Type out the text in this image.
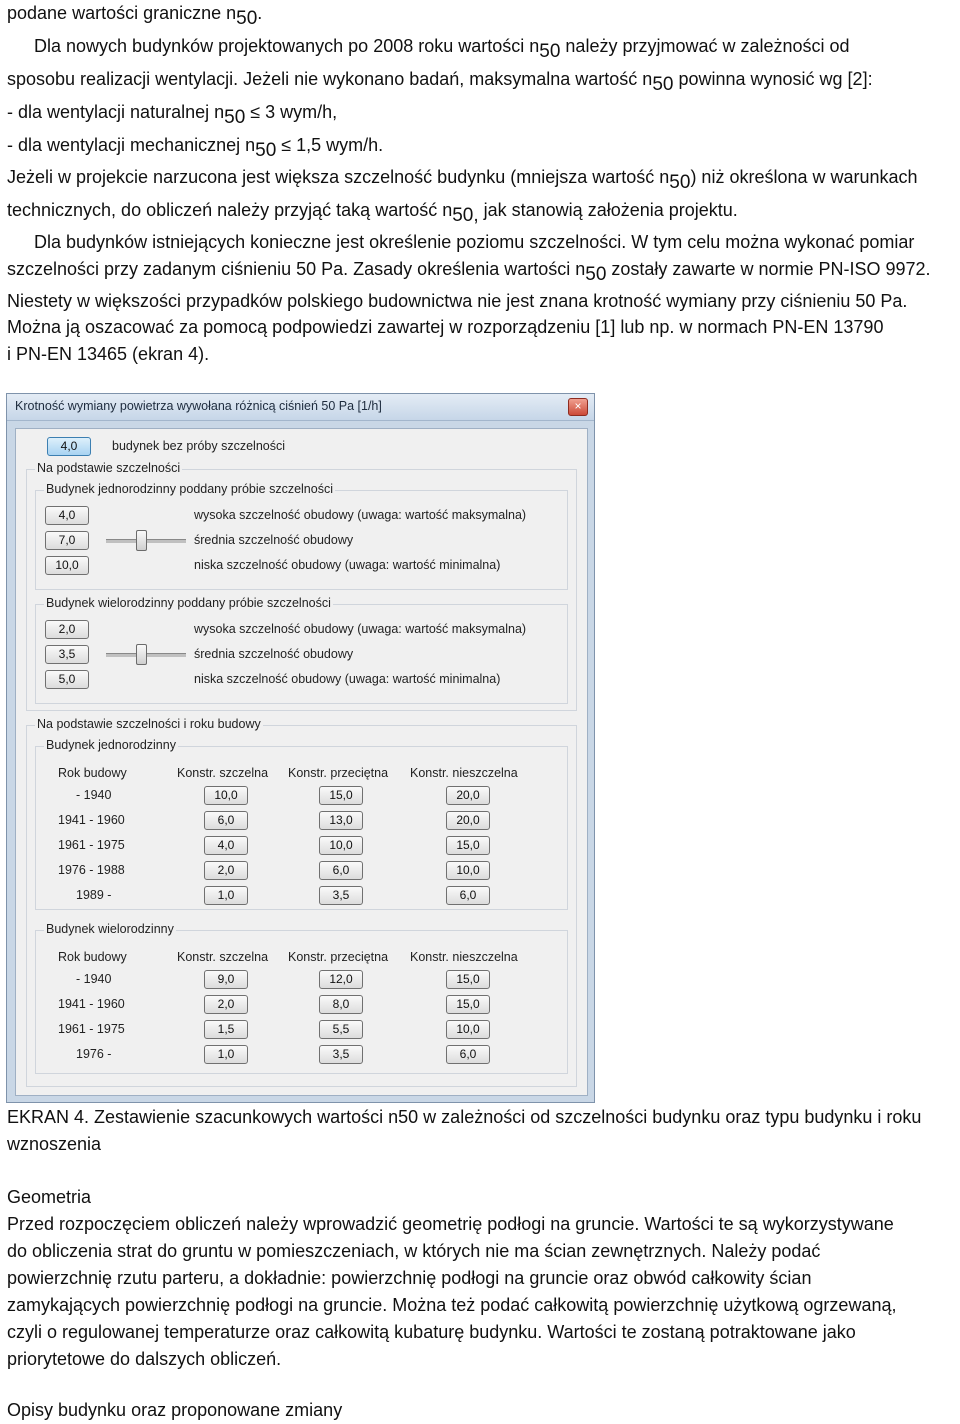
podane wartości graniczne $n_{50}$.
Dla nowych budynków projektowanych po 2008 roku wartości $n_{50}$ należy przyjmować w zależności od
sposobu realizacji wentylacji. Jeżeli nie wykonano badań, maksymalna wartość $n_{50}$ powinna wynosić wg [2]:
- dla wentylacji naturalnej $n_{50} \le 3$ wym/h,
- dla wentylacji mechanicznej $n_{50} \le 1,5$ wym/h.
Jeżeli w projekcie narzucona jest większa szczelność budynku (mniejsza wartość $n_{50}$) niż określona w warunkach
technicznych, do obliczeń należy przyjąć taką wartość $n_{50,}$ jak stanowią założenia projektu.
Dla budynków istniejących konieczne jest określenie poziomu szczelności. W tym celu można wykonać pomiar
szczelności przy zadanym ciśnieniu 50 Pa. Zasady określenia wartości $n_{50}$ zostały zawarte w normie PN-ISO 9972.
Niestety w większości przypadków polskiego budownictwa nie jest znana krotność wymiany przy ciśnieniu 50 Pa.
Można ją oszacować za pomocą podpowiedzi zawartej w rozporządzeniu [1] lub np. w normach PN-EN 13790
i PN-EN 13465 (ekran 4).
Krotność wymiany powietrza wywołana różnicą ciśnień 50 Pa [1/h]	×
4,0	budynek bez próby szczelności
Na podstawie szczelności
Budynek jednorodzinny poddany próbie szczelności
4,0	wysoka szczelność obudowy (uwaga: wartość maksymalna)
7,0	średnia szczelność obudowy
10,0	niska szczelność obudowy (uwaga: wartość minimalna)
Budynek wielorodzinny poddany próbie szczelności
2,0	wysoka szczelność obudowy (uwaga: wartość maksymalna)
3,5	średnia szczelność obudowy
5,0	niska szczelność obudowy (uwaga: wartość minimalna)
Na podstawie szczelności i roku budowy
Budynek jednorodzinny
Rok budowy	Konstr. szczelna Konstr. przeciętna Konstr. nieszczelna
- 1940	10,0	15,0	20,0
1941 - 1960	6,0	13,0	20,0
1961 - 1975	4,0	10,0	15,0
1976 - 1988	2,0	6,0	10,0
1989 -	1,0	3,5	6,0
Budynek wielorodzinny
Rok budowy	Konstr. szczelna Konstr. przeciętna Konstr. nieszczelna
- 1940	9,0	12,0	15,0
1941 - 1960	2,0	8,0	15,0
1961 - 1975	1,5	5,5	10,0
1976 -	1,0	3,5	6,0
EKRAN 4. Zestawienie szacunkowych wartości n50 w zależności od szczelności budynku oraz typu budynku i roku wznoszenia
Geometria
Przed rozpoczęciem obliczeń należy wprowadzić geometrię podłogi na gruncie. Wartości te są wykorzystywane
do obliczenia strat do gruntu w pomieszczeniach, w których nie ma ścian zewnętrznych. Należy podać
powierzchnię rzutu parteru, a dokładnie: powierzchnię podłogi na gruncie oraz obwód całkowity ścian
zamykających powierzchnię podłogi na gruncie. Można też podać całkowitą powierzchnię użytkową ogrzewaną,
czyli o regulowanej temperaturze oraz całkowitą kubaturę budynku. Wartości te zostaną potraktowane jako
priorytetowe do dalszych obliczeń.
Opisy budynku oraz proponowane zmiany
